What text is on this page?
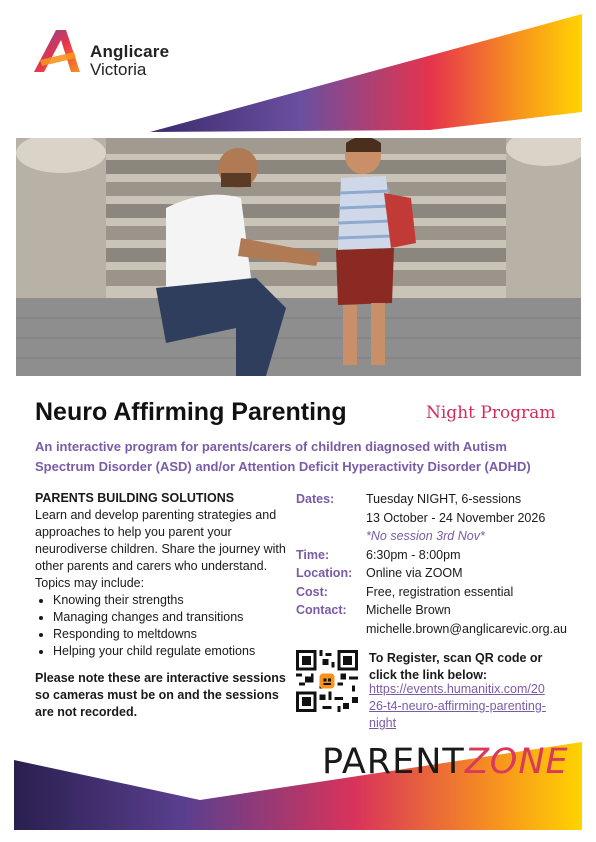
Anglicare
Victoria
Neuro Affirming Parenting	Night Program
An interactive program for parents/carers of children diagnosed with Autism Spectrum Disorder (ASD) and/or Attention Deficit Hyperactivity Disorder (ADHD)
PARENTS BUILDING SOLUTIONS
Learn and develop parenting strategies and approaches to help you parent your neurodiverse children. Share the journey with other parents and carers who understand. Topics may include:
• Knowing their strengths
• Managing changes and transitions
• Responding to meltdowns
• Helping your child regulate emotions
Please note these are interactive sessions so cameras must be on and the sessions are not recorded.
Dates:	Tuesday NIGHT, 6-sessions
	13 October - 24 November 2026
	*No session 3rd Nov*
Time:	6:30pm - 8:00pm
Location:	Online via ZOOM
Cost:	Free, registration essential
Contact:	Michelle Brown
	michelle.brown@anglicarevic.org.au
To Register, scan QR code or click the link below:
https://events.humanitix.com/2026-t4-neuro-affirming-parenting-night
PARENTZONE
